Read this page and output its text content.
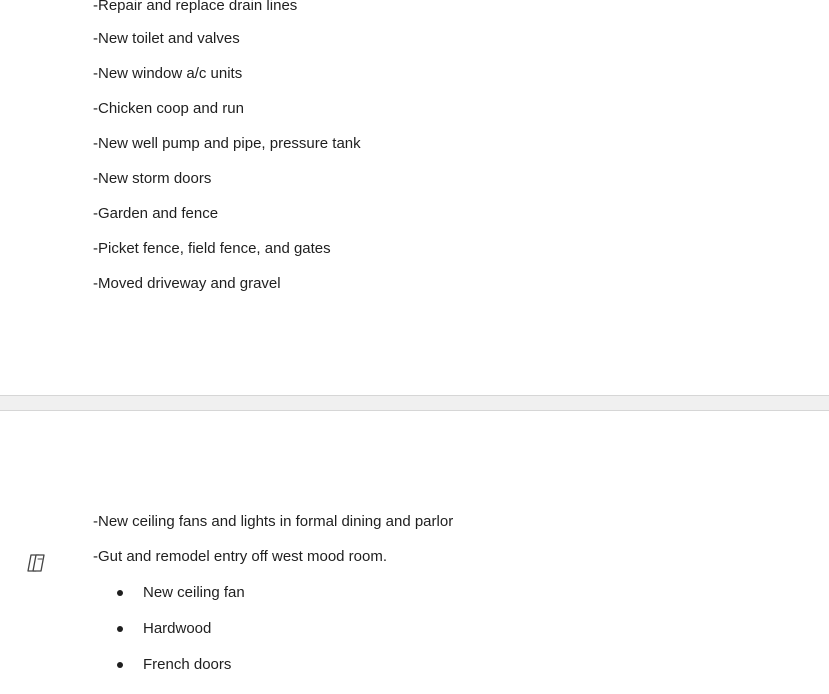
-Repair and replace drain lines
-New toilet and valves
-New window a/c units
-Chicken coop and run
-New well pump and pipe, pressure tank
-New storm doors
-Garden and fence
-Picket fence, field fence, and gates
-Moved driveway and gravel
-New ceiling fans and lights in formal dining and parlor
-Gut and remodel entry off west mood room.
New ceiling fan
Hardwood
French doors
